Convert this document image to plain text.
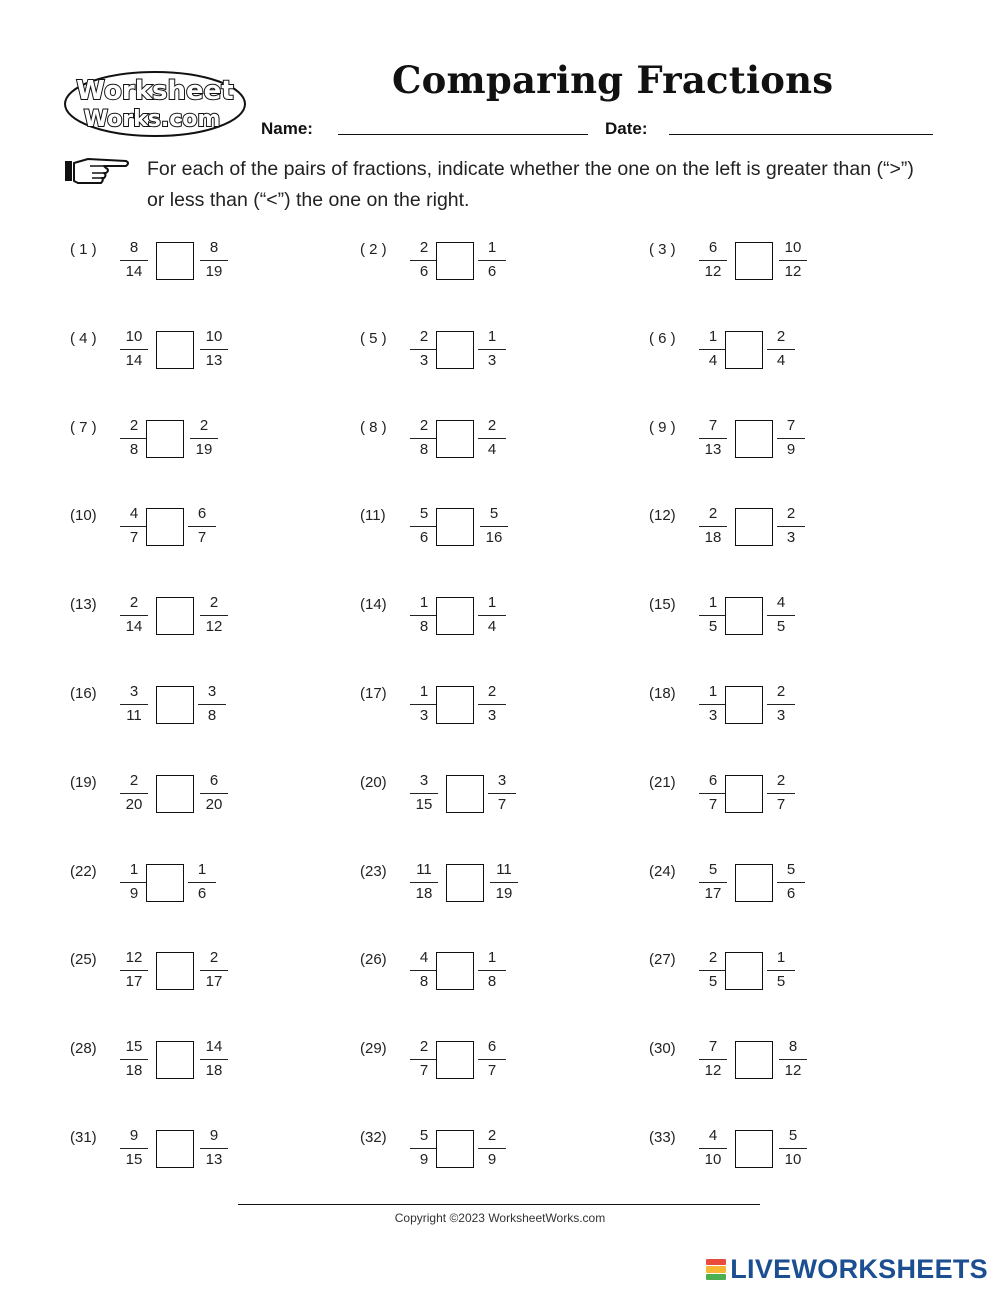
Worksheet
Works.com
Comparing Fractions
Name:	Date:

For each of the pairs of fractions, indicate whether the one on the left is greater than (“>”) or less than (“<”) the one on the right.

( 1 )	8
14
8
19
( 2 )	2
6
1
6
( 3 )	6
12
10
12
( 4 )	10
14
10
13
( 5 )	2
3
1
3
( 6 )	1
4
2
4
( 7 )	2
8
2
19
( 8 )	2
8
2
4
( 9 )	7
13
7
9
(10)	4
7
6
7
(11)	5
6
5
16
(12)	2
18
2
3
(13)	2
14
2
12
(14)	1
8
1
4
(15)	1
5
4
5
(16)	3
11
3
8
(17)	1
3
2
3
(18)	1
3
2
3
(19)	2
20
6
20
(20)	3
15
3
7
(21)	6
7
2
7
(22)	1
9
1
6
(23)	11
18
11
19
(24)	5
17
5
6
(25)	12
17
2
17
(26)	4
8
1
8
(27)	2
5
1
5
(28)	15
18
14
18
(29)	2
7
6
7
(30)	7
12
8
12
(31)	9
15
9
13
(32)	5
9
2
9
(33)	4
10
5
10
Copyright ©2023 WorksheetWorks.com
LIVEWORKSHEETS
